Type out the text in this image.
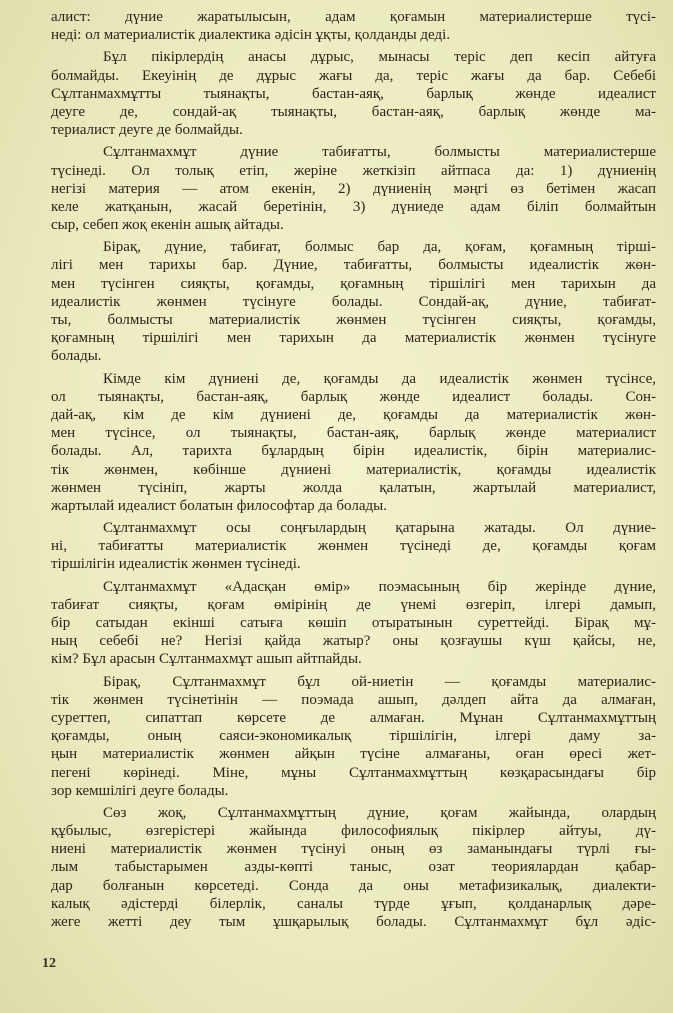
алист: дүние жаратылысын, адам қоғамын материалистерше түсі-
неді: ол материалистік диалектика әдісін ұқты, қолданды деді.
Бұл пікірлердің анасы дұрыс, мынасы теріс деп кесіп айтуға
болмайды. Екеуінің де дұрыс жағы да, теріс жағы да бар. Себебі
Сұлтанмахмұтты тыянақты, бастан-аяқ, барлық жөнде идеалист
деуге де, сондай-ақ тыянақты, бастан-аяқ, барлық жөнде ма-
териалист деуге де болмайды.
Сұлтанмахмұт дүние табиғатты, болмысты материалистерше
түсінеді. Ол толық етіп, жеріне жеткізіп айтпаса да: 1) дүниенің
негізі материя — атом екенін, 2) дүниенің мәңгі өз бетімен жасап
келе жатқанын, жасай беретінін, 3) дүниеде адам біліп болмайтын
сыр, себеп жоқ екенін ашық айтады.
Бірақ, дүние, табиғат, болмыс бар да, қоғам, қоғамның тірші-
лігі мен тарихы бар. Дүние, табиғатты, болмысты идеалистік жөн-
мен түсінген сияқты, қоғамды, қоғамның тіршілігі мен тарихын да
идеалистік жөнмен түсінуге болады. Сондай-ақ, дүние, табиғат-
ты, болмысты материалистік жөнмен түсінген сияқты, қоғамды,
қоғамның тіршілігі мен тарихын да материалистік жөнмен түсінуге
болады.
Кімде кім дүниені де, қоғамды да идеалистік жөнмен түсінсе,
ол тыянақты, бастан-аяқ, барлық жөнде идеалист болады. Сон-
дай-ақ, кім де кім дүниені де, қоғамды да материалистік жөн-
мен түсінсе, ол тыянақты, бастан-аяқ, барлық жөнде материалист
болады. Ал, тарихта бұлардың бірін идеалистік, бірін материалис-
тік жөнмен, көбінше дүниені материалистік, қоғамды идеалистік
жөнмен түсініп, жарты жолда қалатын, жартылай материалист,
жартылай идеалист болатын философтар да болады.
Сұлтанмахмұт осы соңғылардың қатарына жатады. Ол дүние-
ні, табиғатты материалистік жөнмен түсінеді де, қоғамды қоғам
тіршілігін идеалистік жөнмен түсінеді.
Сұлтанмахмұт «Адасқан өмір» поэмасының бір жерінде дүние,
табиғат сияқты, қоғам өмірінің де үнемі өзгеріп, ілгері дамып,
бір сатыдан екінші сатыға көшіп отыратынын суреттейді. Бірақ мұ-
ның себебі не? Негізі қайда жатыр? оны қозғаушы күш қайсы, не,
кім? Бұл арасын Сұлтанмахмұт ашып айтпайды.
Бірақ, Сұлтанмахмұт бұл ой-ниетін — қоғамды материалис-
тік жөнмен түсінетінін — поэмада ашып, дәлдеп айта да алмаған,
суреттеп, сипаттап көрсете де алмаған. Мұнан Сұлтанмахмұттың
қоғамды, оның саяси-экономикалық тіршілігін, ілгері даму за-
ңын материалистік жөнмен айқын түсіне алмағаны, оған өресі жет-
пегені көрінеді. Міне, мұны Сұлтанмахмұттың көзқарасындағы бір
зор кемшілігі деуге болады.
Сөз жоқ, Сұлтанмахмұттың дүние, қоғам жайында, олардың
құбылыс, өзгерістері жайында философиялық пікірлер айтуы, дү-
ниені материалистік жөнмен түсінуі оның өз заманындағы түрлі ғы-
лым табыстарымен азды-көпті таныс, озат теориялардан қабар-
дар болғанын көрсетеді. Сонда да оны метафизикалық, диалекти-
калық әдістерді білерлік, саналы түрде ұғып, қолданарлық дәре-
жеге жетті деу тым ұшқарылық болады. Сұлтанмахмұт бұл әдіс-
12
